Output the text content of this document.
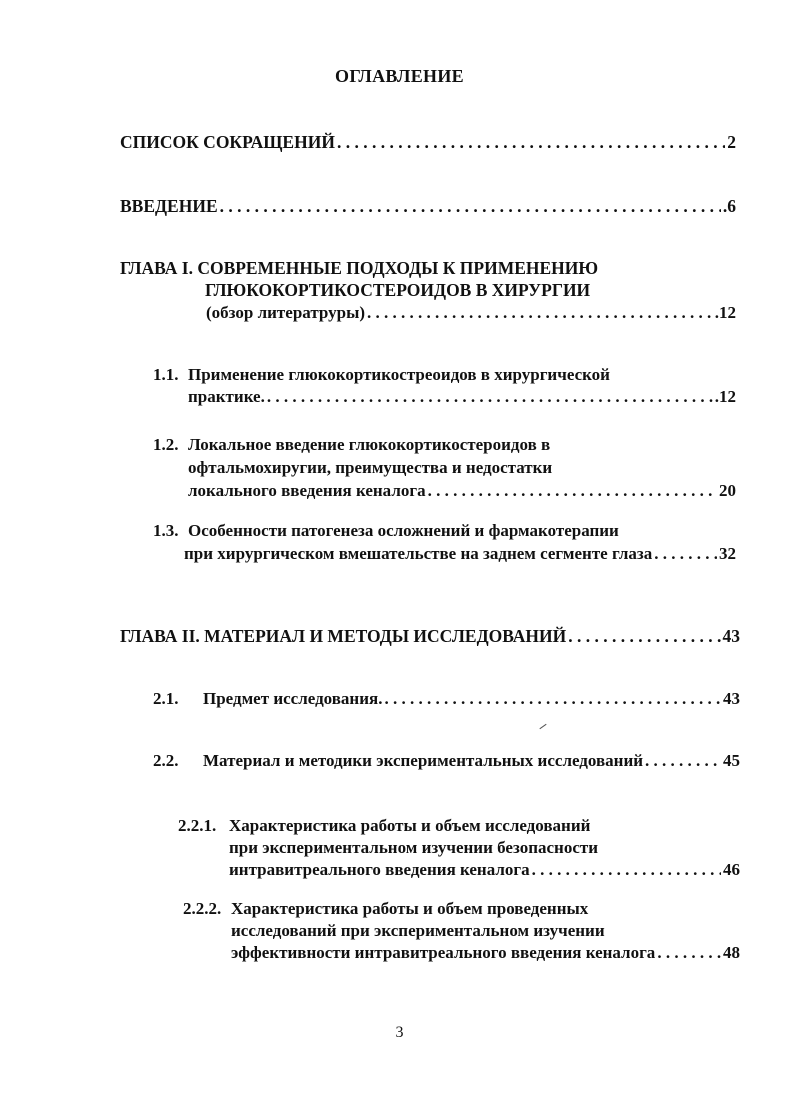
ОГЛАВЛЕНИЕ
СПИСОК СОКРАЩЕНИЙ . . .	2
ВВЕДЕНИЕ . . .	.6
ГЛАВА I. СОВРЕМЕННЫЕ ПОДХОДЫ К ПРИМЕНЕНИЮ
ГЛЮКОКОРТИКОСТЕРОИДОВ В ХИРУРГИИ
(обзор литератруры) . . .	.12
1.1. Применение глюкокортикостреоидов в хирургической
практике. . . .	.12
1.2. Локальное введение глюкокортикостероидов в
офтальмохиругии, преимущества и недостатки
локального введения кеналога . . .	20
1.3. Особенности патогенеза осложнений и фармакотерапии
при хирургическом вмешательстве на заднем сегменте глаза . . .	32
ГЛАВА II. МАТЕРИАЛ И МЕТОДЫ ИССЛЕДОВАНИЙ . . .	43
2.1. Предмет исследования. . . .	43
2.2. Материал и методики экспериментальных исследований . . .	45
2.2.1. Характеристика работы и объем исследований
при экспериментальном изучении безопасности
интравитреального введения кеналога . . .	46
2.2.2. Характеристика работы и объем проведенных
исследований при экспериментальном изучении
эффективности интравитреального введения кеналога . . .	48
3
